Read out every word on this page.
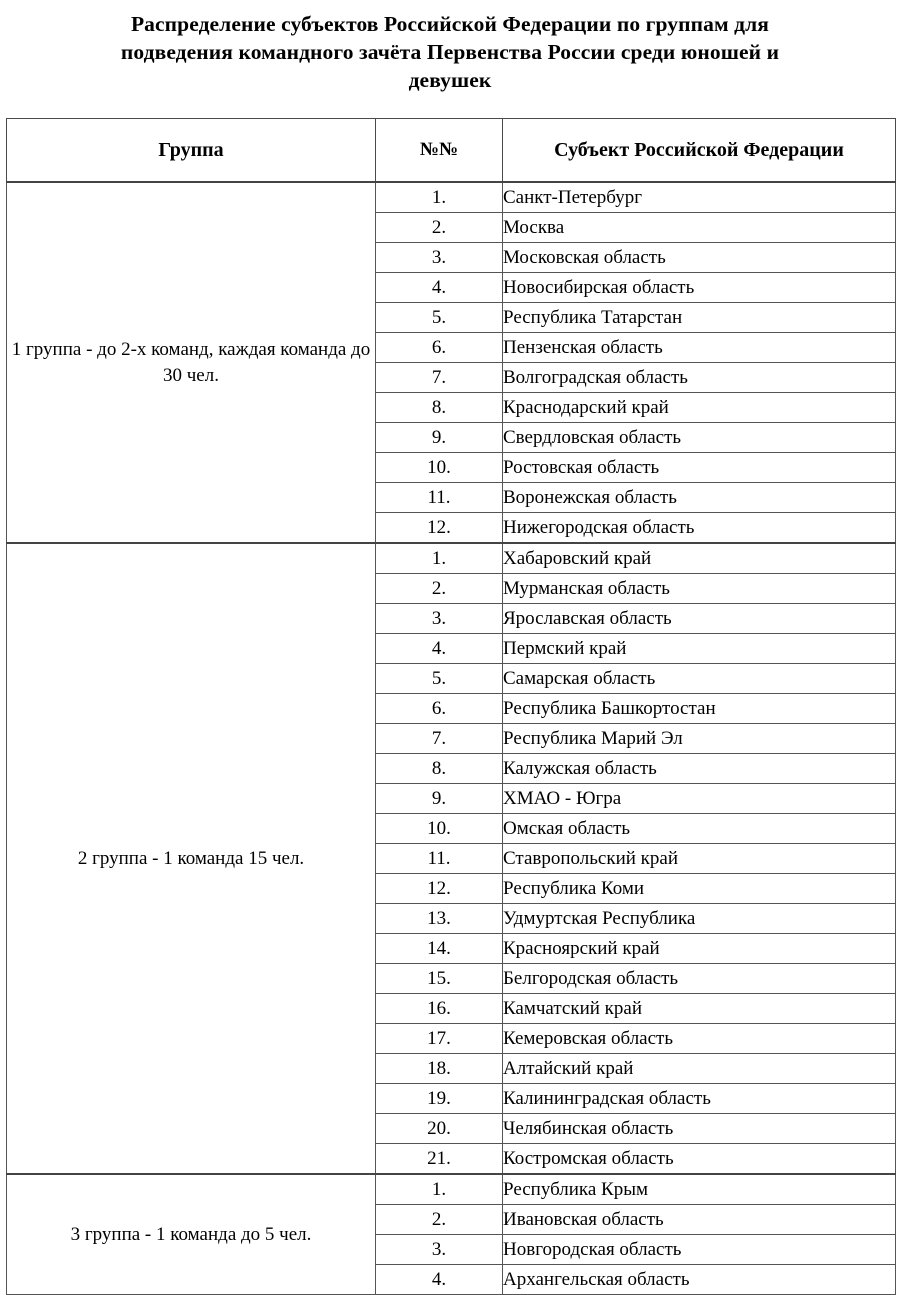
Распределение субъектов Российской Федерации по группам для подведения командного зачёта Первенства России среди юношей и девушек
Группа	№№	Субъект Российской Федерации

1 группа - до 2-х команд, каждая команда до 30 чел.	1.	Санкт-Петербург
	2.	Москва
	3.	Московская область
	4.	Новосибирская область
	5.	Республика Татарстан
	6.	Пензенская область
	7.	Волгоградская область
	8.	Краснодарский край
	9.	Свердловская область
	10.	Ростовская область
	11.	Воронежская область
	12.	Нижегородская область

2 группа - 1 команда 15 чел.	1.	Хабаровский край
	2.	Мурманская область
	3.	Ярославская область
	4.	Пермский край
	5.	Самарская область
	6.	Республика Башкортостан
	7.	Республика Марий Эл
	8.	Калужская область
	9.	ХМАО - Югра
	10.	Омская область
	11.	Ставропольский край
	12.	Республика Коми
	13.	Удмуртская Республика
	14.	Красноярский край
	15.	Белгородская область
	16.	Камчатский край
	17.	Кемеровская область
	18.	Алтайский край
	19.	Калининградская область
	20.	Челябинская область
	21.	Костромская область

3 группа - 1 команда до 5 чел.	1.	Республика Крым
	2.	Ивановская область
	3.	Новгородская область
	4.	Архангельская область
